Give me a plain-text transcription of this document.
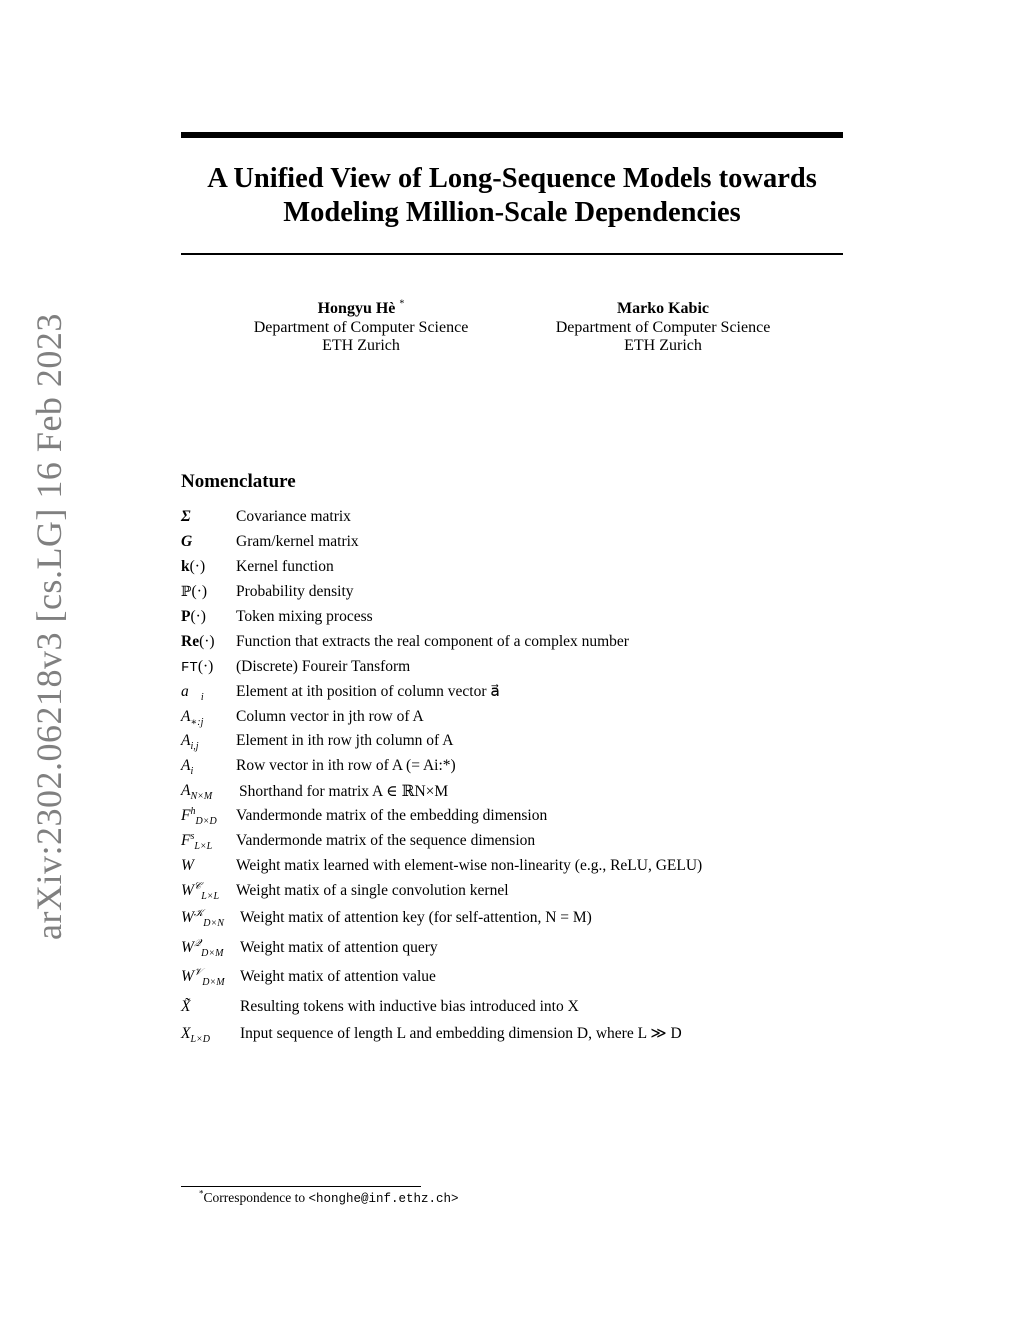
arXiv:2302.06218v3 [cs.LG] 16 Feb 2023
A Unified View of Long-Sequence Models towards
Modeling Million-Scale Dependencies
Hongyu Hè *
Department of Computer Science
ETH Zurich
Marko Kabic
Department of Computer Science
ETH Zurich
Nomenclature
Σ	Covariance matrix
G	Gram/kernel matrix
k(·)	Kernel function
ℙ(·)	Probability density
P(·)	Token mixing process
Re(·)	Function that extracts the real component of a complex number
FT(·)	(Discrete) Foureir Tansform
$a⃗_i$	Element at ith position of column vector a⃗
$A_{∗:j}$	Column vector in jth row of A
$A_{i,j}$	Element in ith row jth column of A
$A_i$	Row vector in ith row of A (= Ai:*)
$A_{N\times M}$	Shorthand for matrix A ∈ ℝN×M
$F^h_{D\times D}$	Vandermonde matrix of the embedding dimension
$F^s_{L\times L}$	Vandermonde matrix of the sequence dimension
W	Weight matix learned with element-wise non-linearity (e.g., ReLU, GELU)
$W^𝒞_{L\times L}$	Weight matix of a single convolution kernel
$W^𝒦_{D\times N}$	Weight matix of attention key (for self-attention, N = M)
$W^𝒬_{D\times M}$	Weight matix of attention query
$W^𝒱_{D\times M}$ Weight matix of attention value
X̃	Resulting tokens with inductive bias introduced into X
$X_{L\times D}$	Input sequence of length L and embedding dimension D, where L ≫ D
*Correspondence to <honghe@inf.ethz.ch>
